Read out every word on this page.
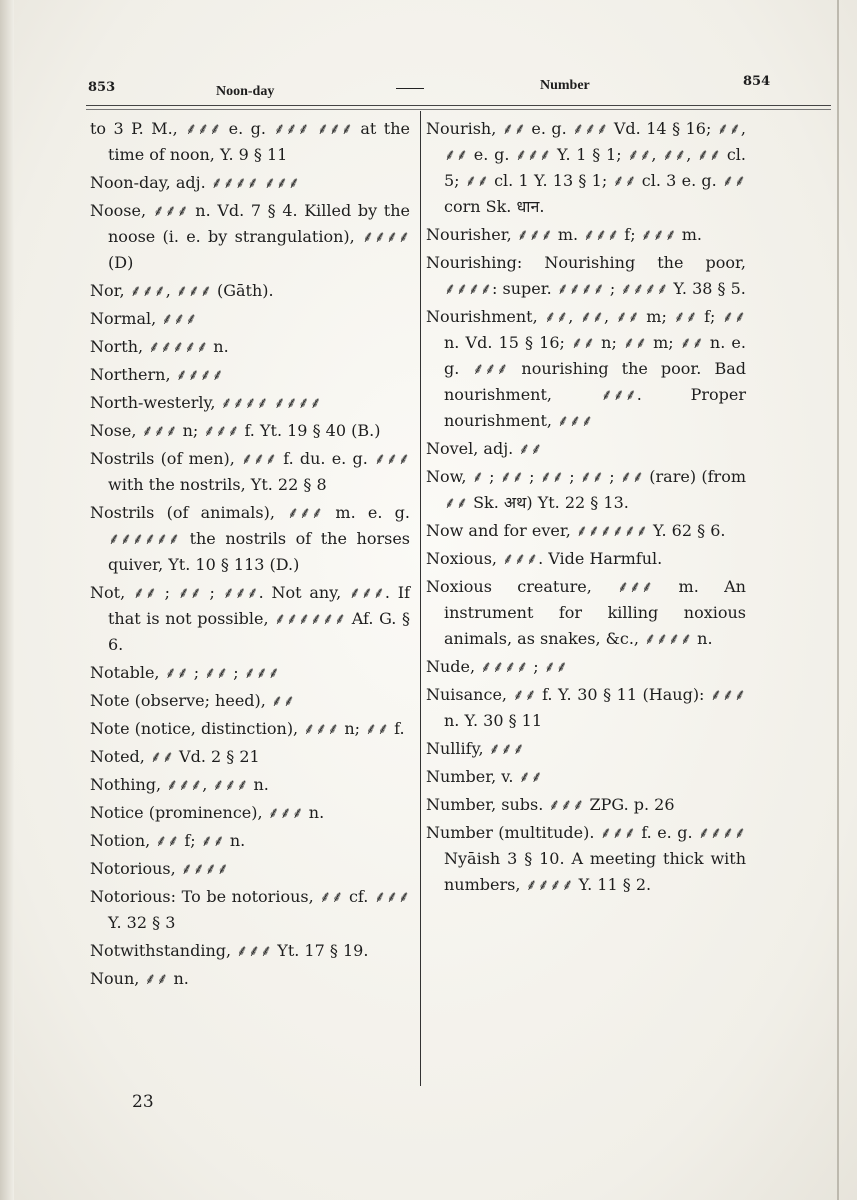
853	Noon-day	Number	854

to 3 P. M., ⸙⸙⸙ e. g. ⸙⸙⸙ ⸙⸙⸙ at the time of noon, Y. 9 § 11

Noon-day, adj. ⸙⸙⸙⸙ ⸙⸙⸙

Noose, ⸙⸙⸙ n. Vd. 7 § 4. Killed by the noose (i. e. by strangulation), ⸙⸙⸙⸙ (D)

Nor, ⸙⸙⸙, ⸙⸙⸙ (Gāth).

Normal, ⸙⸙⸙

North, ⸙⸙⸙⸙⸙ n.

Northern, ⸙⸙⸙⸙

North-westerly, ⸙⸙⸙⸙ ⸙⸙⸙⸙

Nose, ⸙⸙⸙ n; ⸙⸙⸙ f. Yt. 19 § 40 (B.)

Nostrils (of men), ⸙⸙⸙ f. du. e. g. ⸙⸙⸙ with the nostrils, Yt. 22 § 8

Nostrils (of animals), ⸙⸙⸙ m. e. g. ⸙⸙⸙⸙⸙⸙ the nostrils of the horses quiver, Yt. 10 § 113 (D.)

Not, ⸙⸙ ; ⸙⸙ ; ⸙⸙⸙. Not any, ⸙⸙⸙. If that is not possible, ⸙⸙⸙⸙⸙⸙ Af. G. § 6.

Notable, ⸙⸙ ; ⸙⸙ ; ⸙⸙⸙

Note (observe; heed), ⸙⸙

Note (notice, distinction), ⸙⸙⸙ n; ⸙⸙ f.

Noted, ⸙⸙ Vd. 2 § 21

Nothing, ⸙⸙⸙, ⸙⸙⸙ n.

Notice (prominence), ⸙⸙⸙ n.

Notion, ⸙⸙ f; ⸙⸙ n.

Notorious, ⸙⸙⸙⸙

Notorious: To be notorious, ⸙⸙ cf. ⸙⸙⸙ Y. 32 § 3

Notwithstanding, ⸙⸙⸙ Yt. 17 § 19.

Noun, ⸙⸙ n.

Nourish, ⸙⸙ e. g. ⸙⸙⸙ Vd. 14 § 16; ⸙⸙, ⸙⸙ e. g. ⸙⸙⸙ Y. 1 § 1; ⸙⸙, ⸙⸙, ⸙⸙ cl. 5; ⸙⸙ cl. 1 Y. 13 § 1; ⸙⸙ cl. 3 e. g. ⸙⸙ corn Sk. धान.

Nourisher, ⸙⸙⸙ m. ⸙⸙⸙ f; ⸙⸙⸙ m.

Nourishing: Nourishing the poor, ⸙⸙⸙⸙: super. ⸙⸙⸙⸙ ; ⸙⸙⸙⸙ Y. 38 § 5.

Nourishment, ⸙⸙, ⸙⸙, ⸙⸙ m; ⸙⸙ f; ⸙⸙ n. Vd. 15 § 16; ⸙⸙ n; ⸙⸙ m; ⸙⸙ n. e. g. ⸙⸙⸙ nourishing the poor. Bad nourishment, ⸙⸙⸙. Proper nourishment, ⸙⸙⸙

Novel, adj. ⸙⸙

Now, ⸙ ; ⸙⸙ ; ⸙⸙ ; ⸙⸙ ; ⸙⸙ (rare) (from ⸙⸙ Sk. अथ) Yt. 22 § 13.

Now and for ever, ⸙⸙⸙⸙⸙⸙ Y. 62 § 6.

Noxious, ⸙⸙⸙. Vide Harmful.

Noxious creature, ⸙⸙⸙ m. An instrument for killing noxious animals, as snakes, &c., ⸙⸙⸙⸙ n.

Nude, ⸙⸙⸙⸙ ; ⸙⸙

Nuisance, ⸙⸙ f. Y. 30 § 11 (Haug): ⸙⸙⸙ n. Y. 30 § 11

Nullify, ⸙⸙⸙

Number, v. ⸙⸙

Number, subs. ⸙⸙⸙ ZPG. p. 26

Number (multitude). ⸙⸙⸙ f. e. g. ⸙⸙⸙⸙ Nyāish 3 § 10. A meeting thick with numbers, ⸙⸙⸙⸙ Y. 11 § 2.

23
